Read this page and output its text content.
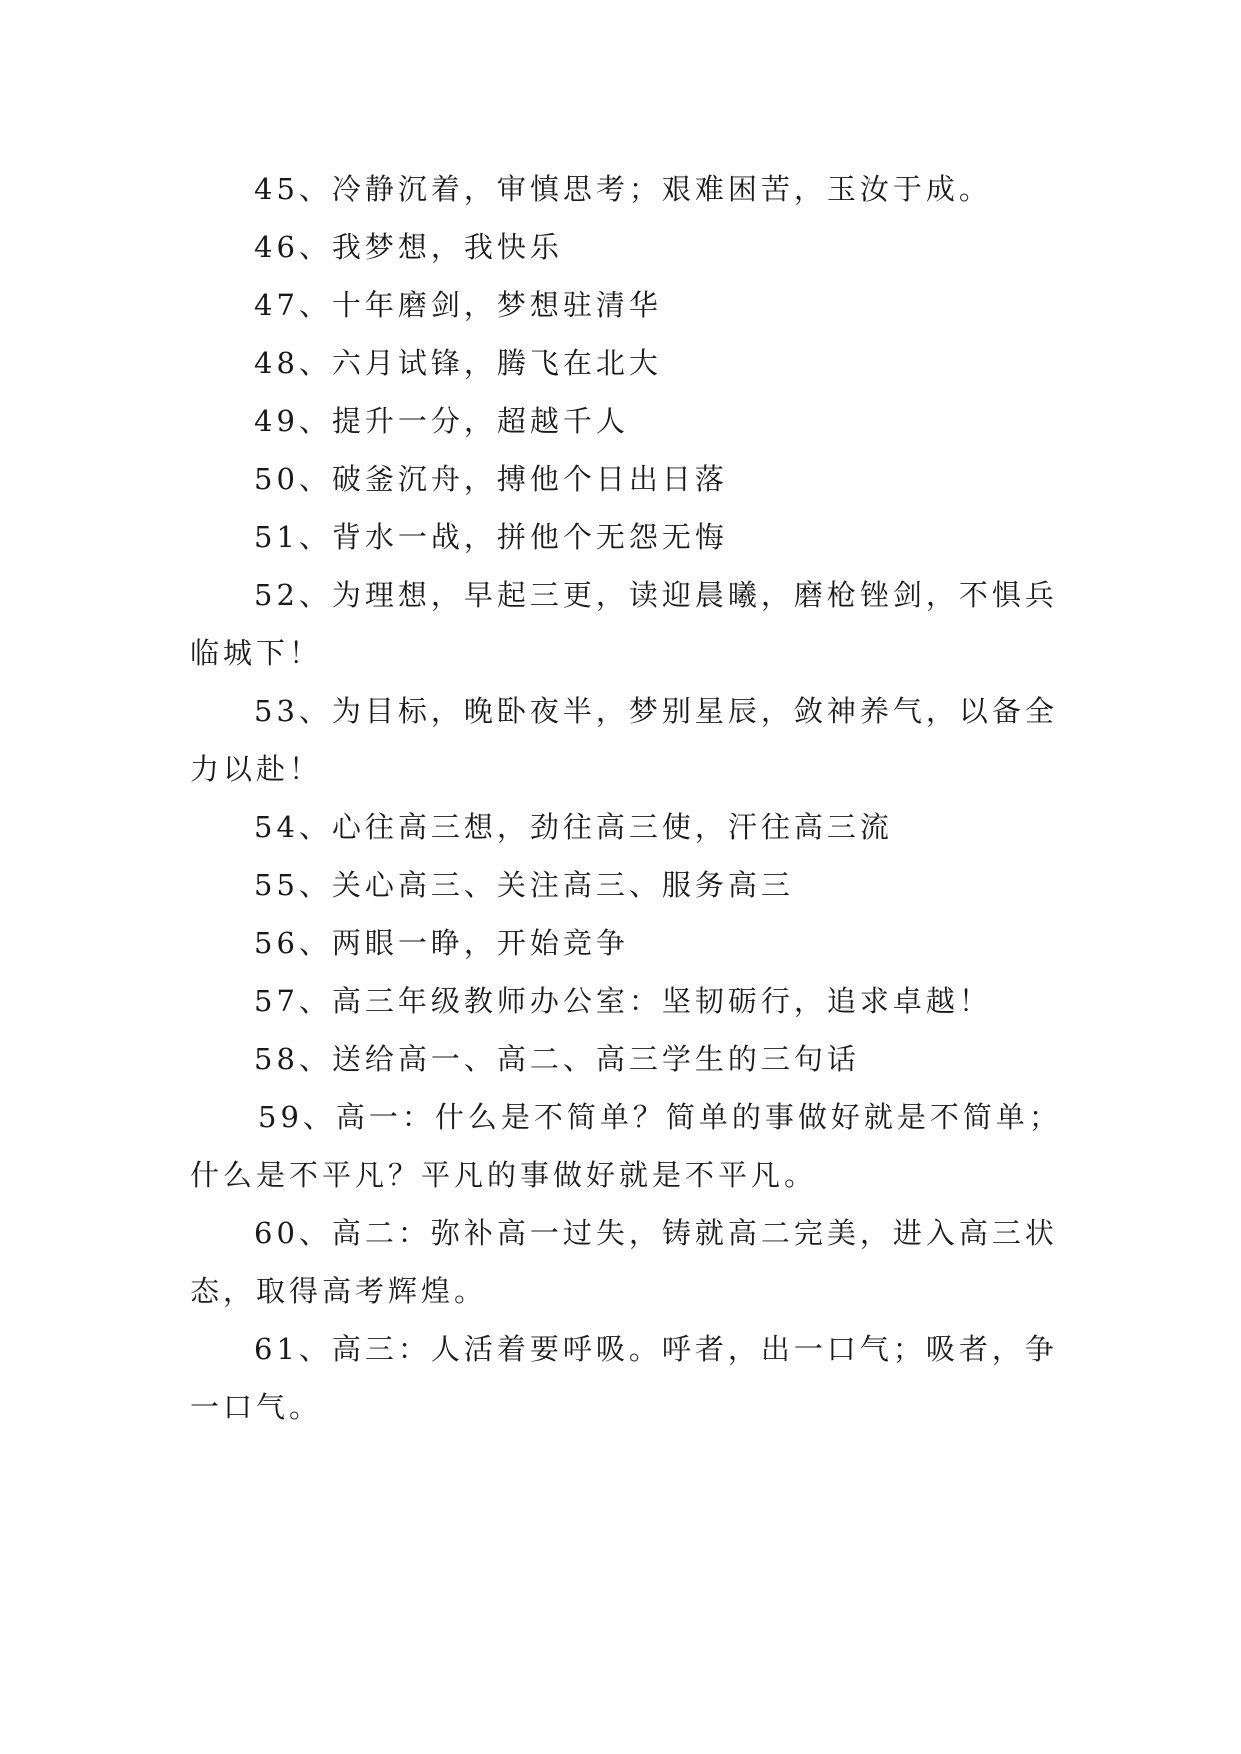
45、冷静沉着，审慎思考；艰难困苦，玉汝于成。

46、我梦想，我快乐

47、十年磨剑，梦想驻清华

48、六月试锋，腾飞在北大

49、提升一分，超越千人

50、破釜沉舟，搏他个日出日落

51、背水一战，拼他个无怨无悔

52、为理想，早起三更，读迎晨曦，磨枪锉剑，不惧兵
临城下！

53、为目标，晚卧夜半，梦别星辰，敛神养气，以备全
力以赴！

54、心往高三想，劲往高三使，汗往高三流

55、关心高三、关注高三、服务高三

56、两眼一睁，开始竞争

57、高三年级教师办公室：坚韧砺行，追求卓越！

58、送给高一、高二、高三学生的三句话

59、高一：什么是不简单？简单的事做好就是不简单；
什么是不平凡？平凡的事做好就是不平凡。

60、高二：弥补高一过失，铸就高二完美，进入高三状
态，取得高考辉煌。

61、高三：人活着要呼吸。呼者，出一口气；吸者，争
一口气。
